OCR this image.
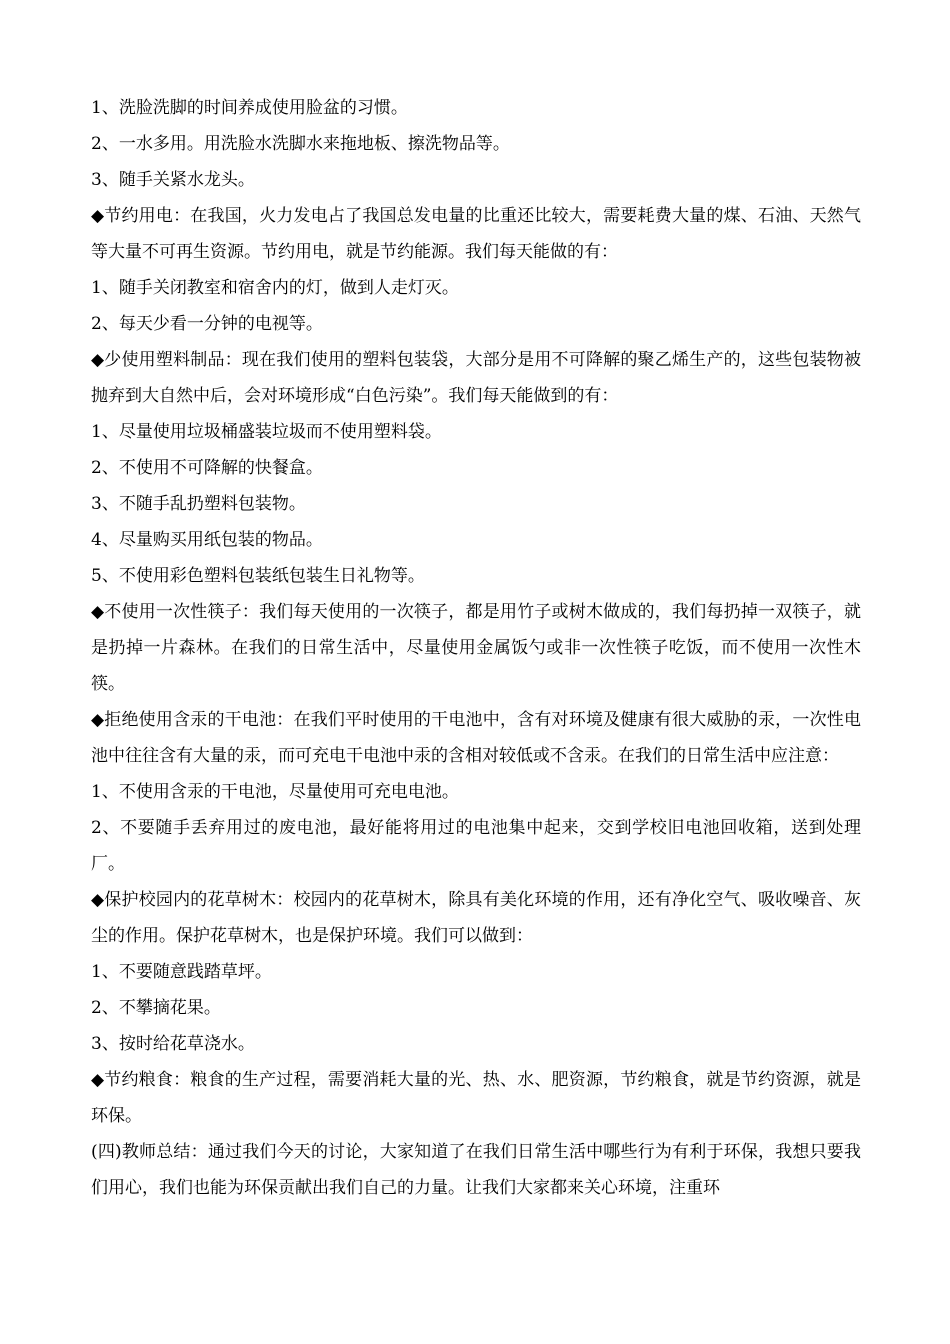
1、洗脸洗脚的时间养成使用脸盆的习惯。

2、一水多用。用洗脸水洗脚水来拖地板、擦洗物品等。

3、随手关紧水龙头。

◆节约用电：在我国，火力发电占了我国总发电量的比重还比较大，需要耗费大量的煤、石油、天然气等大量不可再生资源。节约用电，就是节约能源。我们每天能做的有：

1、随手关闭教室和宿舍内的灯，做到人走灯灭。

2、每天少看一分钟的电视等。

◆少使用塑料制品：现在我们使用的塑料包装袋，大部分是用不可降解的聚乙烯生产的，这些包装物被抛弃到大自然中后，会对环境形成“白色污染”。我们每天能做到的有：

1、尽量使用垃圾桶盛装垃圾而不使用塑料袋。

2、不使用不可降解的快餐盒。

3、不随手乱扔塑料包装物。

4、尽量购买用纸包装的物品。

5、不使用彩色塑料包装纸包装生日礼物等。

◆不使用一次性筷子：我们每天使用的一次筷子，都是用竹子或树木做成的，我们每扔掉一双筷子，就是扔掉一片森林。在我们的日常生活中，尽量使用金属饭勺或非一次性筷子吃饭，而不使用一次性木筷。

◆拒绝使用含汞的干电池：在我们平时使用的干电池中，含有对环境及健康有很大威胁的汞，一次性电池中往往含有大量的汞，而可充电干电池中汞的含相对较低或不含汞。在我们的日常生活中应注意：

1、不使用含汞的干电池，尽量使用可充电电池。

2、不要随手丢弃用过的废电池，最好能将用过的电池集中起来，交到学校旧电池回收箱，送到处理厂。

◆保护校园内的花草树木：校园内的花草树木，除具有美化环境的作用，还有净化空气、吸收噪音、灰尘的作用。保护花草树木，也是保护环境。我们可以做到：

1、不要随意践踏草坪。

2、不攀摘花果。

3、按时给花草浇水。

◆节约粮食：粮食的生产过程，需要消耗大量的光、热、水、肥资源，节约粮食，就是节约资源，就是环保。

(四)教师总结：通过我们今天的讨论，大家知道了在我们日常生活中哪些行为有利于环保，我想只要我们用心，我们也能为环保贡献出我们自己的力量。让我们大家都来关心环境，注重环
